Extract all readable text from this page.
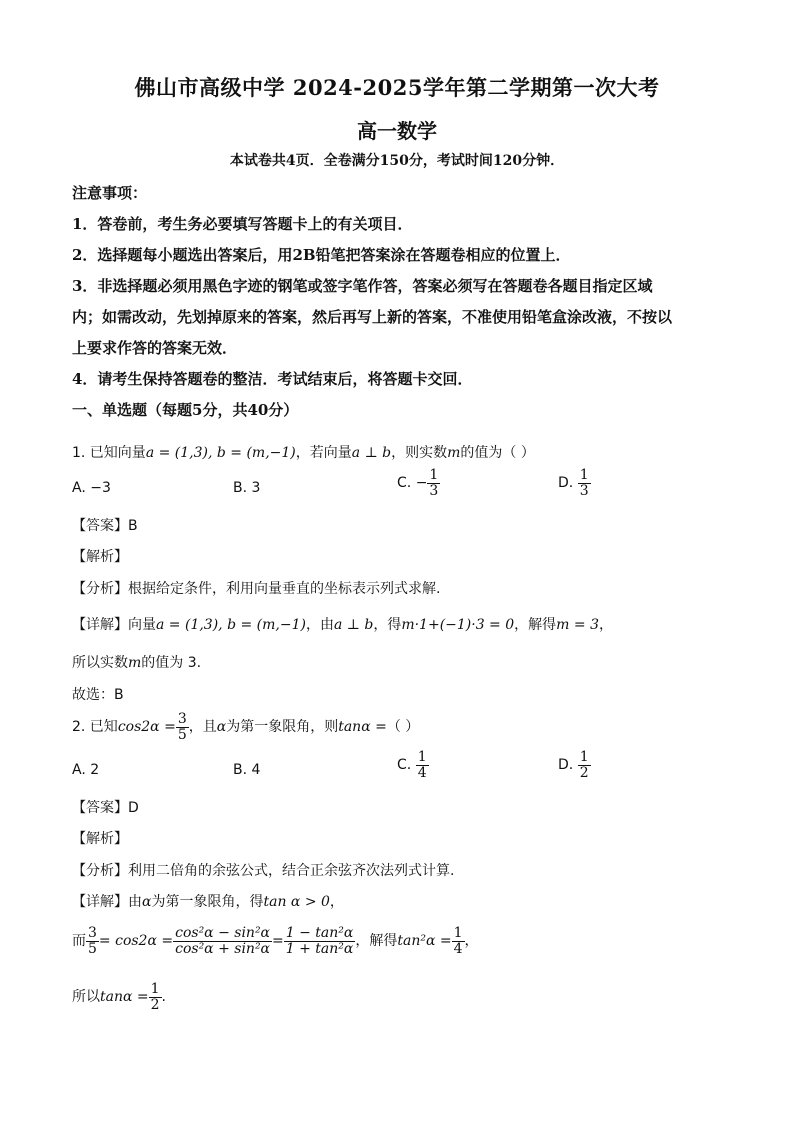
佛山市高级中学 2024-2025学年第二学期第一次大考
高一数学
本试卷共4页．全卷满分150分，考试时间120分钟．
注意事项：
1．答卷前，考生务必要填写答题卡上的有关项目．
2．选择题每小题选出答案后，用2B铅笔把答案涂在答题卷相应的位置上．
3．非选择题必须用黑色字迹的钢笔或签字笔作答，答案必须写在答题卷各题目指定区域
内；如需改动，先划掉原来的答案，然后再写上新的答案，不准使用铅笔盒涂改液，不按以
上要求作答的答案无效．
4．请考生保持答题卷的整洁．考试结束后，将答题卡交回．
一、单选题（每题5分，共40分）
1. 已知向量a = (1,3), b = (m,−1)，若向量a ⊥ b，则实数m的值为（ ）
A. −3	B. 3	C. − $\frac{1}{3}$	D. $\frac{1}{3}$
【答案】B
【解析】
【分析】根据给定条件，利用向量垂直的坐标表示列式求解.
【详解】向量a = (1,3), b = (m,−1)，由a ⊥ b，得m·1+(−1)·3 = 0，解得m = 3，
所以实数m的值为 3.
故选：B
2. 已知$\cos 2\alpha = \frac{3}{5}$ ，且α为第一象限角，则tanα =（ ）
A. 2	B. 4	C. $\frac{1}{4}$	D. $\frac{1}{2}$
【答案】D
【解析】
【分析】利用二倍角的余弦公式，结合正余弦齐次法列式计算.
【详解】由α为第一象限角，得tan α > 0，
而 $\frac{3}{5} = \cos 2\alpha = \frac{\text{cos²α − sin²α}}{\text{cos²α + sin²α}} = \frac{\text{1 − tan²α}}{\text{1 + tan²α}}$ ，解得$\tan^2\alpha = \frac{1}{4}$ ，
所以$\tan\alpha = \frac{1}{2}$ .
